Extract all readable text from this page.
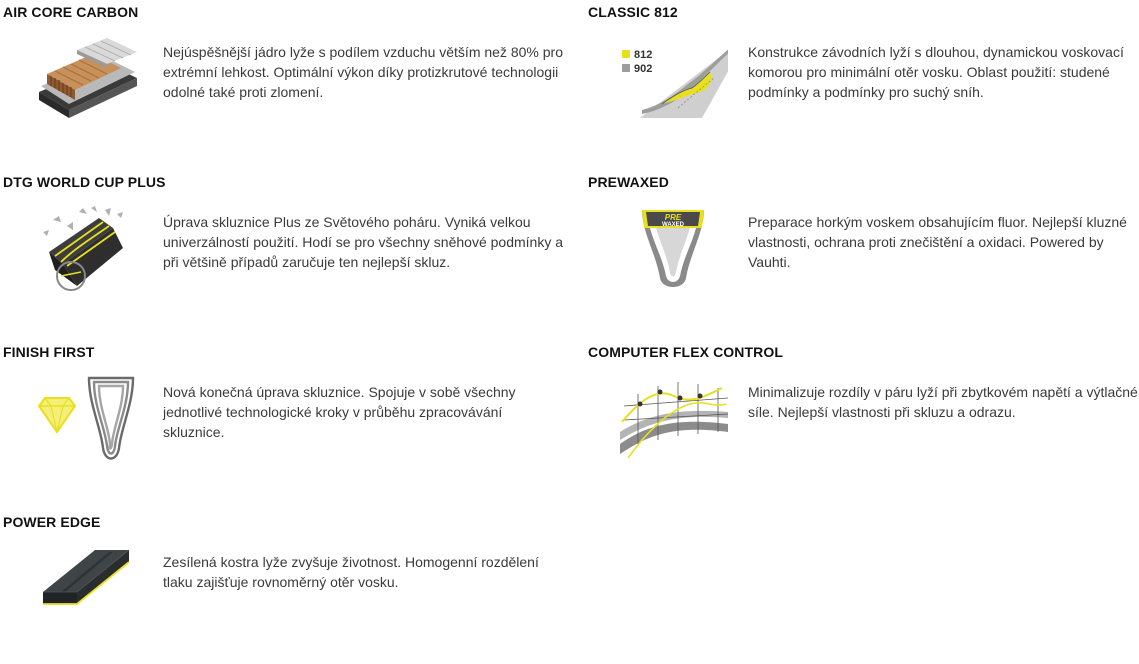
AIR CORE CARBON

Nejúspěšnější jádro lyže s podílem vzduchu větším než 80% pro extrémní lehkost. Optimální výkon díky protizkrutové technologii odolné také proti zlomení.

CLASSIC 812
812
902

Konstrukce závodních lyží s dlouhou, dynamickou voskovací komorou pro minimální otěr vosku. Oblast použití: studené podmínky a podmínky pro suchý sníh.

DTG WORLD CUP PLUS

Úprava skluznice Plus ze Světového poháru. Vyniká velkou univerzálností použití. Hodí se pro všechny sněhové podmínky a při většině případů zaručuje ten nejlepší skluz.

PREWAXED
PRE
WAXED	Preparace horkým voskem obsahujícím fluor. Nejlepší kluzné vlastnosti, ochrana proti znečištění a oxidaci. Powered by Vauhti.

FINISH FIRST

Nová konečná úprava skluznice. Spojuje v sobě všechny jednotlivé technologické kroky v průběhu zpracovávání skluznice.

COMPUTER FLEX CONTROL

Minimalizuje rozdíly v páru lyží při zbytkovém napětí a výtlačné síle. Nejlepší vlastnosti při skluzu a odrazu.

POWER EDGE

Zesílená kostra lyže zvyšuje životnost. Homogenní rozdělení tlaku zajišťuje rovnoměrný otěr vosku.
